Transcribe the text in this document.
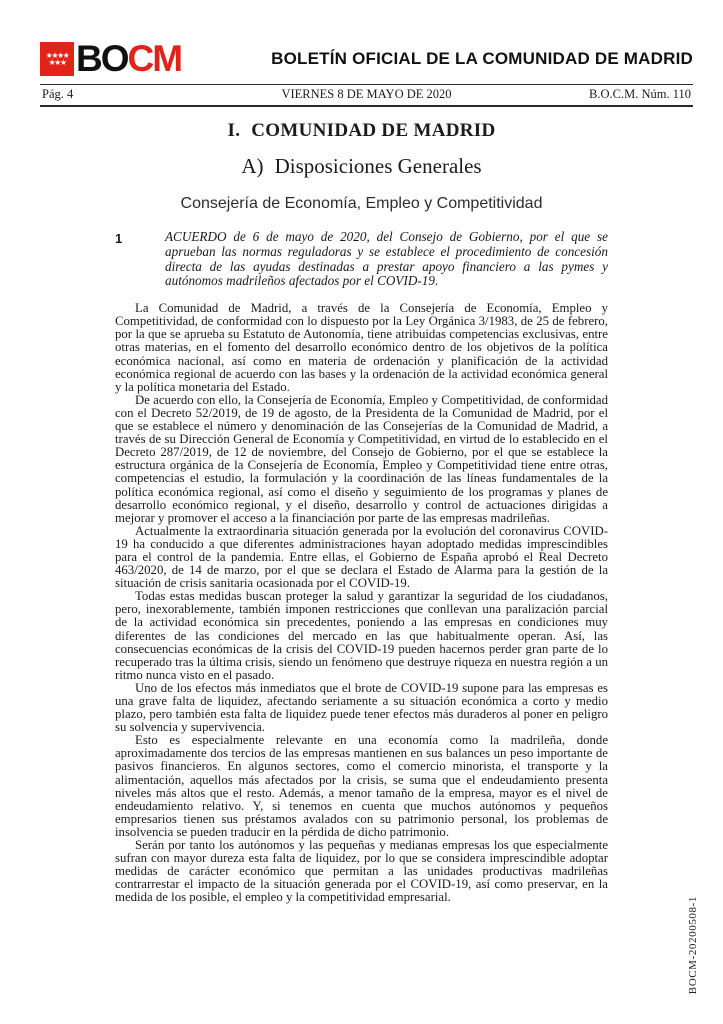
★★★★
★★★ BOCM	BOLETÍN OFICIAL DE LA COMUNIDAD DE MADRID
Pág. 4	VIERNES 8 DE MAYO DE 2020	B.O.C.M. Núm. 110
I. COMUNIDAD DE MADRID
A) Disposiciones Generales
Consejería de Economía, Empleo y Competitividad
1	ACUERDO de 6 de mayo de 2020, del Consejo de Gobierno, por el que se aprueban las normas reguladoras y se establece el procedimiento de concesión directa de las ayudas destinadas a prestar apoyo financiero a las pymes y autónomos madrileños afectados por el COVID-19.

La Comunidad de Madrid, a través de la Consejería de Economía, Empleo y Competitividad, de conformidad con lo dispuesto por la Ley Orgánica 3/1983, de 25 de febrero, por la que se aprueba su Estatuto de Autonomía, tiene atribuidas competencias exclusivas, entre otras materias, en el fomento del desarrollo económico dentro de los objetivos de la política económica nacional, así como en materia de ordenación y planificación de la actividad económica regional de acuerdo con las bases y la ordenación de la actividad económica general y la política monetaria del Estado.

De acuerdo con ello, la Consejería de Economía, Empleo y Competitividad, de conformidad con el Decreto 52/2019, de 19 de agosto, de la Presidenta de la Comunidad de Madrid, por el que se establece el número y denominación de las Consejerías de la Comunidad de Madrid, a través de su Dirección General de Economía y Competitividad, en virtud de lo establecido en el Decreto 287/2019, de 12 de noviembre, del Consejo de Gobierno, por el que se establece la estructura orgánica de la Consejería de Economía, Empleo y Competitividad tiene entre otras, competencias el estudio, la formulación y la coordinación de las líneas fundamentales de la política económica regional, así como el diseño y seguimiento de los programas y planes de desarrollo económico regional, y el diseño, desarrollo y control de actuaciones dirigidas a mejorar y promover el acceso a la financiación por parte de las empresas madrileñas.

Actualmente la extraordinaria situación generada por la evolución del coronavirus COVID-19 ha conducido a que diferentes administraciones hayan adoptado medidas imprescindibles para el control de la pandemia. Entre ellas, el Gobierno de España aprobó el Real Decreto 463/2020, de 14 de marzo, por el que se declara el Estado de Alarma para la gestión de la situación de crisis sanitaria ocasionada por el COVID-19.

Todas estas medidas buscan proteger la salud y garantizar la seguridad de los ciudadanos, pero, inexorablemente, también imponen restricciones que conllevan una paralización parcial de la actividad económica sin precedentes, poniendo a las empresas en condiciones muy diferentes de las condiciones del mercado en las que habitualmente operan. Así, las consecuencias económicas de la crisis del COVID-19 pueden hacernos perder gran parte de lo recuperado tras la última crisis, siendo un fenómeno que destruye riqueza en nuestra región a un ritmo nunca visto en el pasado.

Uno de los efectos más inmediatos que el brote de COVID-19 supone para las empresas es una grave falta de liquidez, afectando seriamente a su situación económica a corto y medio plazo, pero también esta falta de liquidez puede tener efectos más duraderos al poner en peligro su solvencia y supervivencia.

Esto es especialmente relevante en una economía como la madrileña, donde aproximadamente dos tercios de las empresas mantienen en sus balances un peso importante de pasivos financieros. En algunos sectores, como el comercio minorista, el transporte y la alimentación, aquellos más afectados por la crisis, se suma que el endeudamiento presenta niveles más altos que el resto. Además, a menor tamaño de la empresa, mayor es el nivel de endeudamiento relativo. Y, si tenemos en cuenta que muchos autónomos y pequeños empresarios tienen sus préstamos avalados con su patrimonio personal, los problemas de insolvencia se pueden traducir en la pérdida de dicho patrimonio.

Serán por tanto los autónomos y las pequeñas y medianas empresas los que especialmente sufran con mayor dureza esta falta de liquidez, por lo que se considera imprescindible adoptar medidas de carácter económico que permitan a las unidades productivas madrileñas contrarrestar el impacto de la situación generada por el COVID-19, así como preservar, en la medida de los posible, el empleo y la competitividad empresarial.	BOCM-20200508-1
